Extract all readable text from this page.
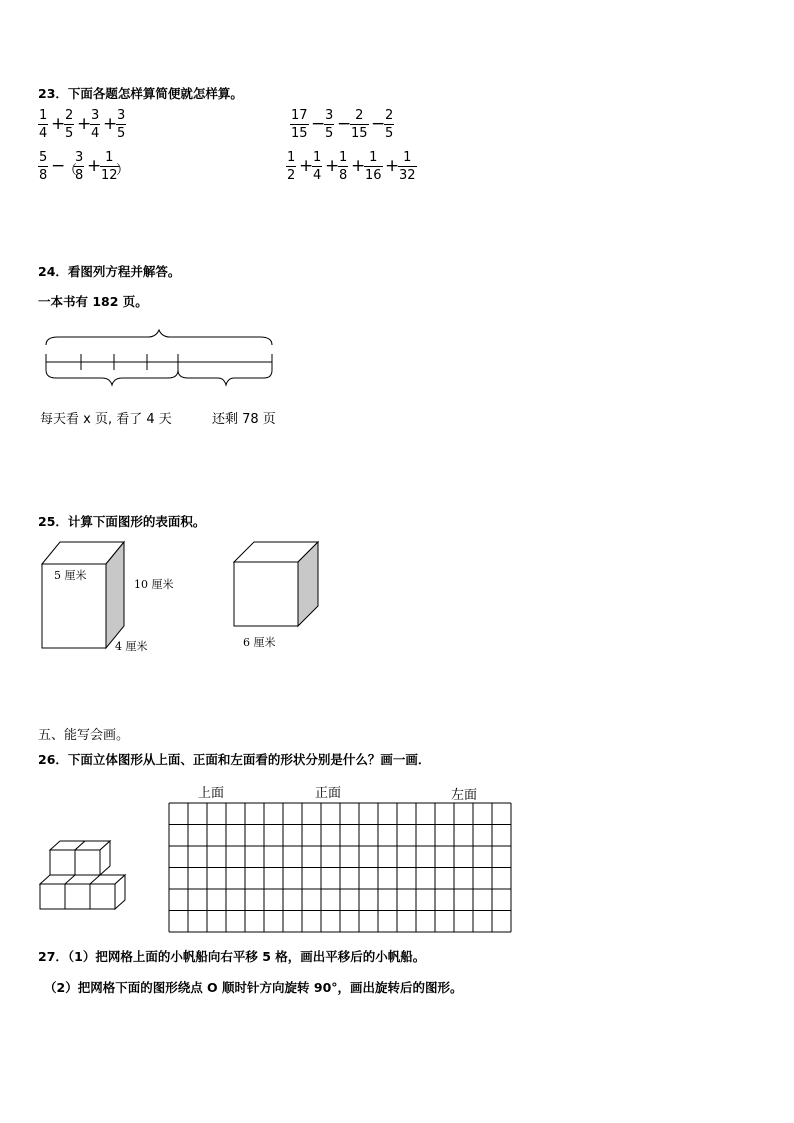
23．下面各题怎样算简便就怎样算。
1
4 + 2
5 + 3
4 + 3
5
17
15 − 3
5 − 2
15 − 2
5
5
8 −
（
3
8 + 1
12
）
1
2 + 1
4 + 1
8 + 1
16 + 1
32
24．看图列方程并解答。
一本书有 182 页。
每天看 x 页, 看了 4 天	还剩 78 页
25．计算下面图形的表面积。
5 厘米
10 厘米
4 厘米	6 厘米
五、能写会画。
26．下面立体图形从上面、正面和左面看的形状分别是什么？画一画．
上面	正面	左面
27．（1）把网格上面的小帆船向右平移 5 格，画出平移后的小帆船。
（2）把网格下面的图形绕点 O 顺时针方向旋转 90°，画出旋转后的图形。
